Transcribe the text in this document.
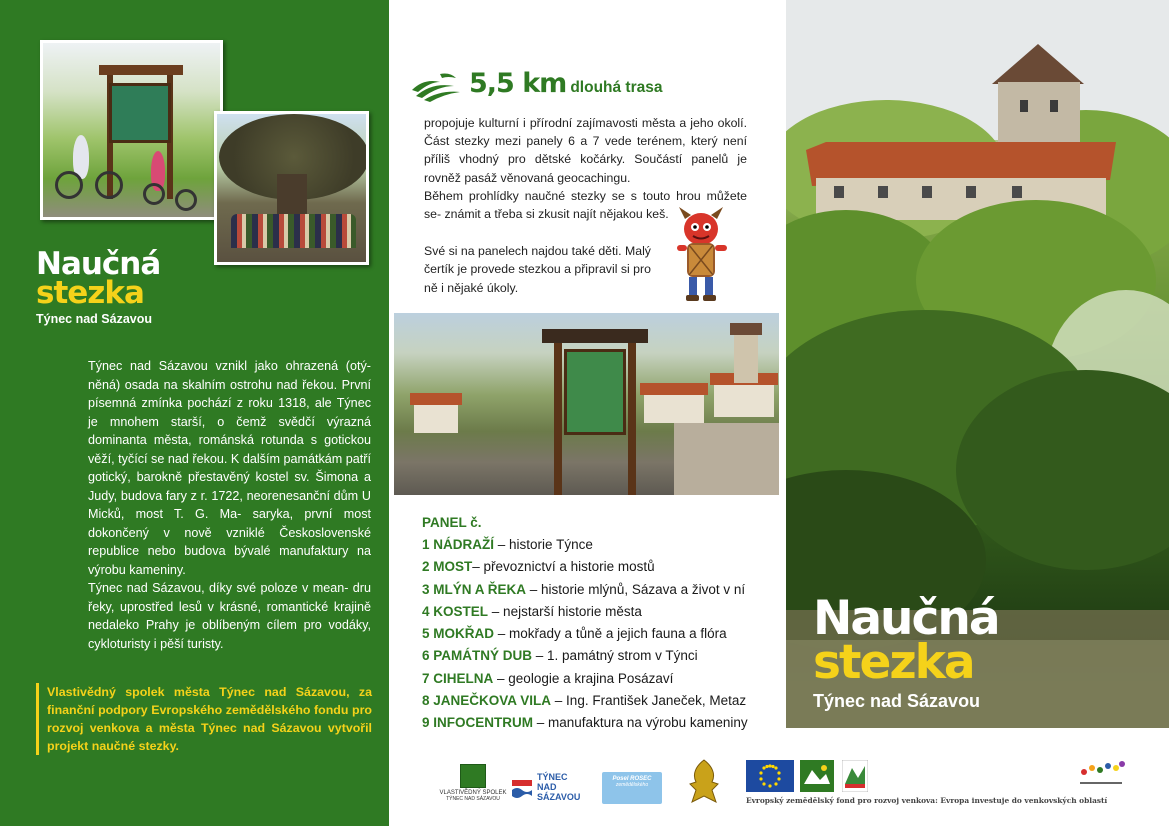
Naučná
stezka
Týnec nad Sázavou

Týnec nad Sázavou vznikl jako ohrazená (otý- něná) osada na skalním ostrohu nad řekou. První písemná zmínka pochází z roku 1318, ale Týnec je mnohem starší, o čemž svědčí výrazná dominanta města, románská rotunda s gotickou věží, tyčící se nad řekou. K dalším památkám patří gotický, barokně přestavěný kostel sv. Šimona a Judy, budova fary z r. 1722, neorenesanční dům U Micků, most T. G. Ma- saryka, první most dokončený v nově vzniklé Československé republice nebo budova bývalé manufaktury na výrobu kameniny.

Týnec nad Sázavou, díky své poloze v mean- dru řeky, uprostřed lesů v krásné, romantické krajině nedaleko Prahy je oblíbeným cílem pro vodáky, cykloturisty i pěší turisty.

Vlastivědný spolek města Týnec nad Sázavou, za finanční podpory Evropského zemědělského fondu pro rozvoj venkova a města Týnec nad Sázavou vytvořil projekt naučné stezky.
5,5 km dlouhá trasa

propojuje kulturní i přírodní zajímavosti města a jeho okolí. Část stezky mezi panely 6 a 7 vede terénem, který není příliš vhodný pro dětské kočárky. Součástí panelů je rovněž pasáž věnovaná geocachingu.

Během prohlídky naučné stezky se s touto hrou můžete se- známit a třeba si zkusit najít nějakou keš.

Své si na panelech najdou také děti. Malý čertík je provede stezkou a připravil si pro ně i nějaké úkoly.
PANEL č.
1 NÁDRAŽÍ – historie Týnce
2 MOST– převoznictví a historie mostů
3 MLÝN A ŘEKA – historie mlýnů, Sázava a život v ní
4 KOSTEL – nejstarší historie města
5 MOKŘAD – mokřady a tůně a jejich fauna a flóra
6 PAMÁTNÝ DUB – 1. památný strom v Týnci
7 CIHELNA – geologie a krajina Posázaví
8 JANEČKOVA VILA – Ing. František Janeček, Metaz
9 INFOCENTRUM – manufaktura na výrobu kameniny
VLASTIVĚDNÝ SPOLEK
TÝNEC NAD SÁZAVOU
TÝNEC
NAD
SÁZAVOU
Posel ROSEC
zemědělského
Evropský zemědělský fond pro rozvoj venkova: Evropa investuje do venkovských oblastí
Naučná
stezka
Týnec nad Sázavou
